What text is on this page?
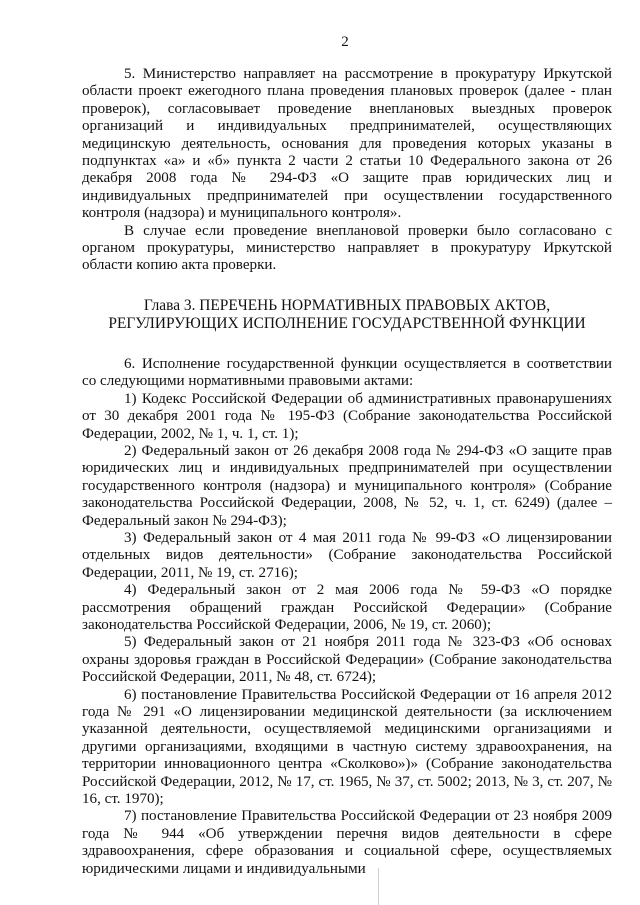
2

5. Министерство направляет на рассмотрение в прокуратуру Иркутской области проект ежегодного плана проведения плановых проверок (далее - план проверок), согласовывает проведение внеплановых выездных проверок организаций и индивидуальных предпринимателей, осуществляющих медицинскую деятельность, основания для проведения которых указаны в подпунктах «а» и «б» пункта 2 части 2 статьи 10 Федерального закона от 26 декабря 2008 года № 294-ФЗ «О защите прав юридических лиц и индивидуальных предпринимателей при осуществлении государственного контроля (надзора) и муниципального контроля».

В случае если проведение внеплановой проверки было согласовано с органом прокуратуры, министерство направляет в прокуратуру Иркутской области копию акта проверки.

Глава 3. ПЕРЕЧЕНЬ НОРМАТИВНЫХ ПРАВОВЫХ АКТОВ,
РЕГУЛИРУЮЩИХ ИСПОЛНЕНИЕ ГОСУДАРСТВЕННОЙ ФУНКЦИИ

6. Исполнение государственной функции осуществляется в соответствии со следующими нормативными правовыми актами:

1) Кодекс Российской Федерации об административных правонарушениях от 30 декабря 2001 года № 195-ФЗ (Собрание законодательства Российской Федерации, 2002, № 1, ч. 1, ст. 1);

2) Федеральный закон от 26 декабря 2008 года № 294-ФЗ «О защите прав юридических лиц и индивидуальных предпринимателей при осуществлении государственного контроля (надзора) и муниципального контроля» (Собрание законодательства Российской Федерации, 2008, № 52, ч. 1, ст. 6249) (далее – Федеральный закон № 294-ФЗ);

3) Федеральный закон от 4 мая 2011 года № 99-ФЗ «О лицензировании отдельных видов деятельности» (Собрание законодательства Российской Федерации, 2011, № 19, ст. 2716);

4) Федеральный закон от 2 мая 2006 года № 59-ФЗ «О порядке рассмотрения обращений граждан Российской Федерации» (Собрание законодательства Российской Федерации, 2006, № 19, ст. 2060);

5) Федеральный закон от 21 ноября 2011 года № 323-ФЗ «Об основах охраны здоровья граждан в Российской Федерации» (Собрание законодательства Российской Федерации, 2011, № 48, ст. 6724);

6) постановление Правительства Российской Федерации от 16 апреля 2012 года № 291 «О лицензировании медицинской деятельности (за исключением указанной деятельности, осуществляемой медицинскими организациями и другими организациями, входящими в частную систему здравоохранения, на территории инновационного центра «Сколково»)» (Собрание законодательства Российской Федерации, 2012, № 17, ст. 1965, № 37, ст. 5002; 2013, № 3, ст. 207, № 16, ст. 1970);

7) постановление Правительства Российской Федерации от 23 ноября 2009 года № 944 «Об утверждении перечня видов деятельности в сфере здравоохранения, сфере образования и социальной сфере, осуществляемых юридическими лицами и индивидуальными
